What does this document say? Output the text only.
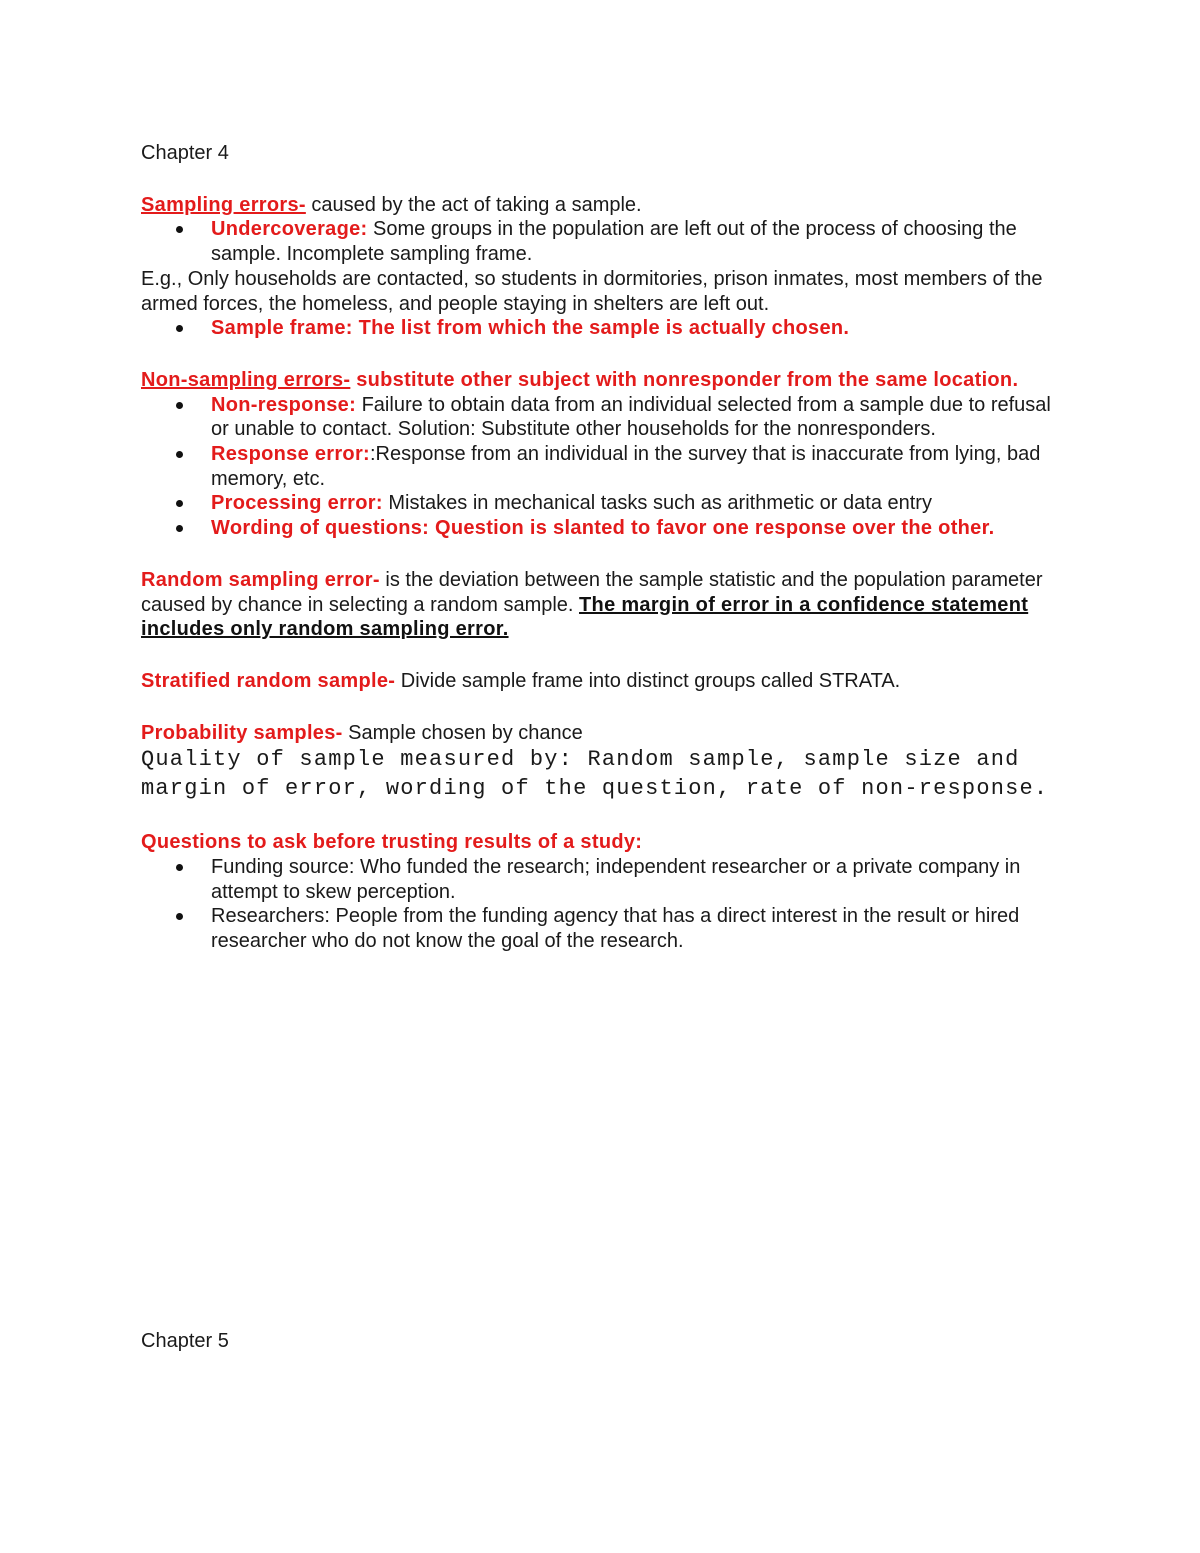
Chapter 4

Sampling errors- caused by the act of taking a sample.

Undercoverage: Some groups in the population are left out of the process of choosing the sample. Incomplete sampling frame.

E.g., Only households are contacted, so students in dormitories, prison inmates, most members of the armed forces, the homeless, and people staying in shelters are left out.

Sample frame: The list from which the sample is actually chosen.

Non-sampling errors- substitute other subject with nonresponder from the same location.

Non-response: Failure to obtain data from an individual selected from a sample due to refusal or unable to contact. Solution: Substitute other households for the nonresponders.
Response error::Response from an individual in the survey that is inaccurate from lying, bad memory, etc.
Processing error: Mistakes in mechanical tasks such as arithmetic or data entry
Wording of questions: Question is slanted to favor one response over the other.

Random sampling error- is the deviation between the sample statistic and the population parameter caused by chance in selecting a random sample. The margin of error in a confidence statement includes only random sampling error.

Stratified random sample- Divide sample frame into distinct groups called STRATA.

Probability samples- Sample chosen by chance

Quality of sample measured by: Random sample, sample size and margin of error, wording of the question, rate of non-response.

Questions to ask before trusting results of a study:

Funding source: Who funded the research; independent researcher or a private company in attempt to skew perception.
Researchers: People from the funding agency that has a direct interest in the result or hired researcher who do not know the goal of the research.

Chapter 5
